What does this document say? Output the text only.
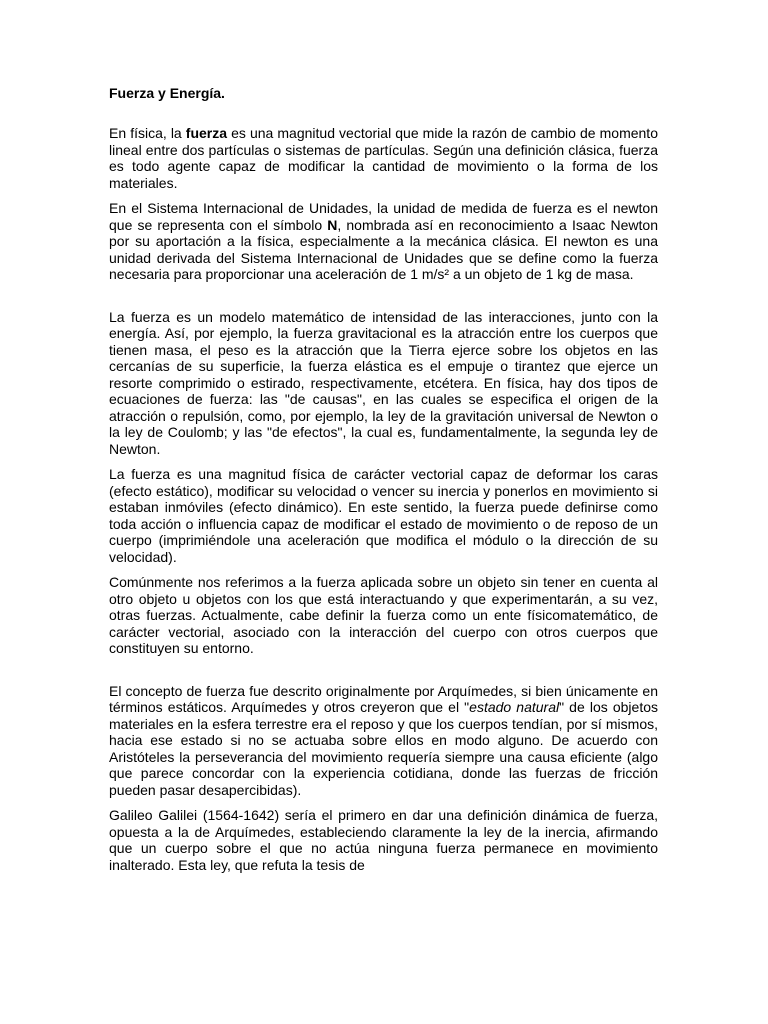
Fuerza y Energía.

En física, la fuerza es una magnitud vectorial que mide la razón de cambio de momento lineal entre dos partículas o sistemas de partículas. Según una definición clásica, fuerza es todo agente capaz de modificar la cantidad de movimiento o la forma de los materiales.

En el Sistema Internacional de Unidades, la unidad de medida de fuerza es el newton que se representa con el símbolo N, nombrada así en reconocimiento a Isaac Newton por su aportación a la física, especialmente a la mecánica clásica. El newton es una unidad derivada del Sistema Internacional de Unidades que se define como la fuerza necesaria para proporcionar una aceleración de 1 m/s² a un objeto de 1 kg de masa.

La fuerza es un modelo matemático de intensidad de las interacciones, junto con la energía. Así, por ejemplo, la fuerza gravitacional es la atracción entre los cuerpos que tienen masa, el peso es la atracción que la Tierra ejerce sobre los objetos en las cercanías de su superficie, la fuerza elástica es el empuje o tirantez que ejerce un resorte comprimido o estirado, respectivamente, etcétera. En física, hay dos tipos de ecuaciones de fuerza: las "de causas", en las cuales se especifica el origen de la atracción o repulsión, como, por ejemplo, la ley de la gravitación universal de Newton o la ley de Coulomb; y las "de efectos", la cual es, fundamentalmente, la segunda ley de Newton.

La fuerza es una magnitud física de carácter vectorial capaz de deformar los caras (efecto estático), modificar su velocidad o vencer su inercia y ponerlos en movimiento si estaban inmóviles (efecto dinámico). En este sentido, la fuerza puede definirse como toda acción o influencia capaz de modificar el estado de movimiento o de reposo de un cuerpo (imprimiéndole una aceleración que modifica el módulo o la dirección de su velocidad).

Comúnmente nos referimos a la fuerza aplicada sobre un objeto sin tener en cuenta al otro objeto u objetos con los que está interactuando y que experimentarán, a su vez, otras fuerzas. Actualmente, cabe definir la fuerza como un ente físicomatemático, de carácter vectorial, asociado con la interacción del cuerpo con otros cuerpos que constituyen su entorno.

El concepto de fuerza fue descrito originalmente por Arquímedes, si bien únicamente en términos estáticos. Arquímedes y otros creyeron que el "estado natural" de los objetos materiales en la esfera terrestre era el reposo y que los cuerpos tendían, por sí mismos, hacia ese estado si no se actuaba sobre ellos en modo alguno. De acuerdo con Aristóteles la perseverancia del movimiento requería siempre una causa eficiente (algo que parece concordar con la experiencia cotidiana, donde las fuerzas de fricción pueden pasar desapercibidas).

Galileo Galilei (1564-1642) sería el primero en dar una definición dinámica de fuerza, opuesta a la de Arquímedes, estableciendo claramente la ley de la inercia, afirmando que un cuerpo sobre el que no actúa ninguna fuerza permanece en movimiento inalterado. Esta ley, que refuta la tesis de
